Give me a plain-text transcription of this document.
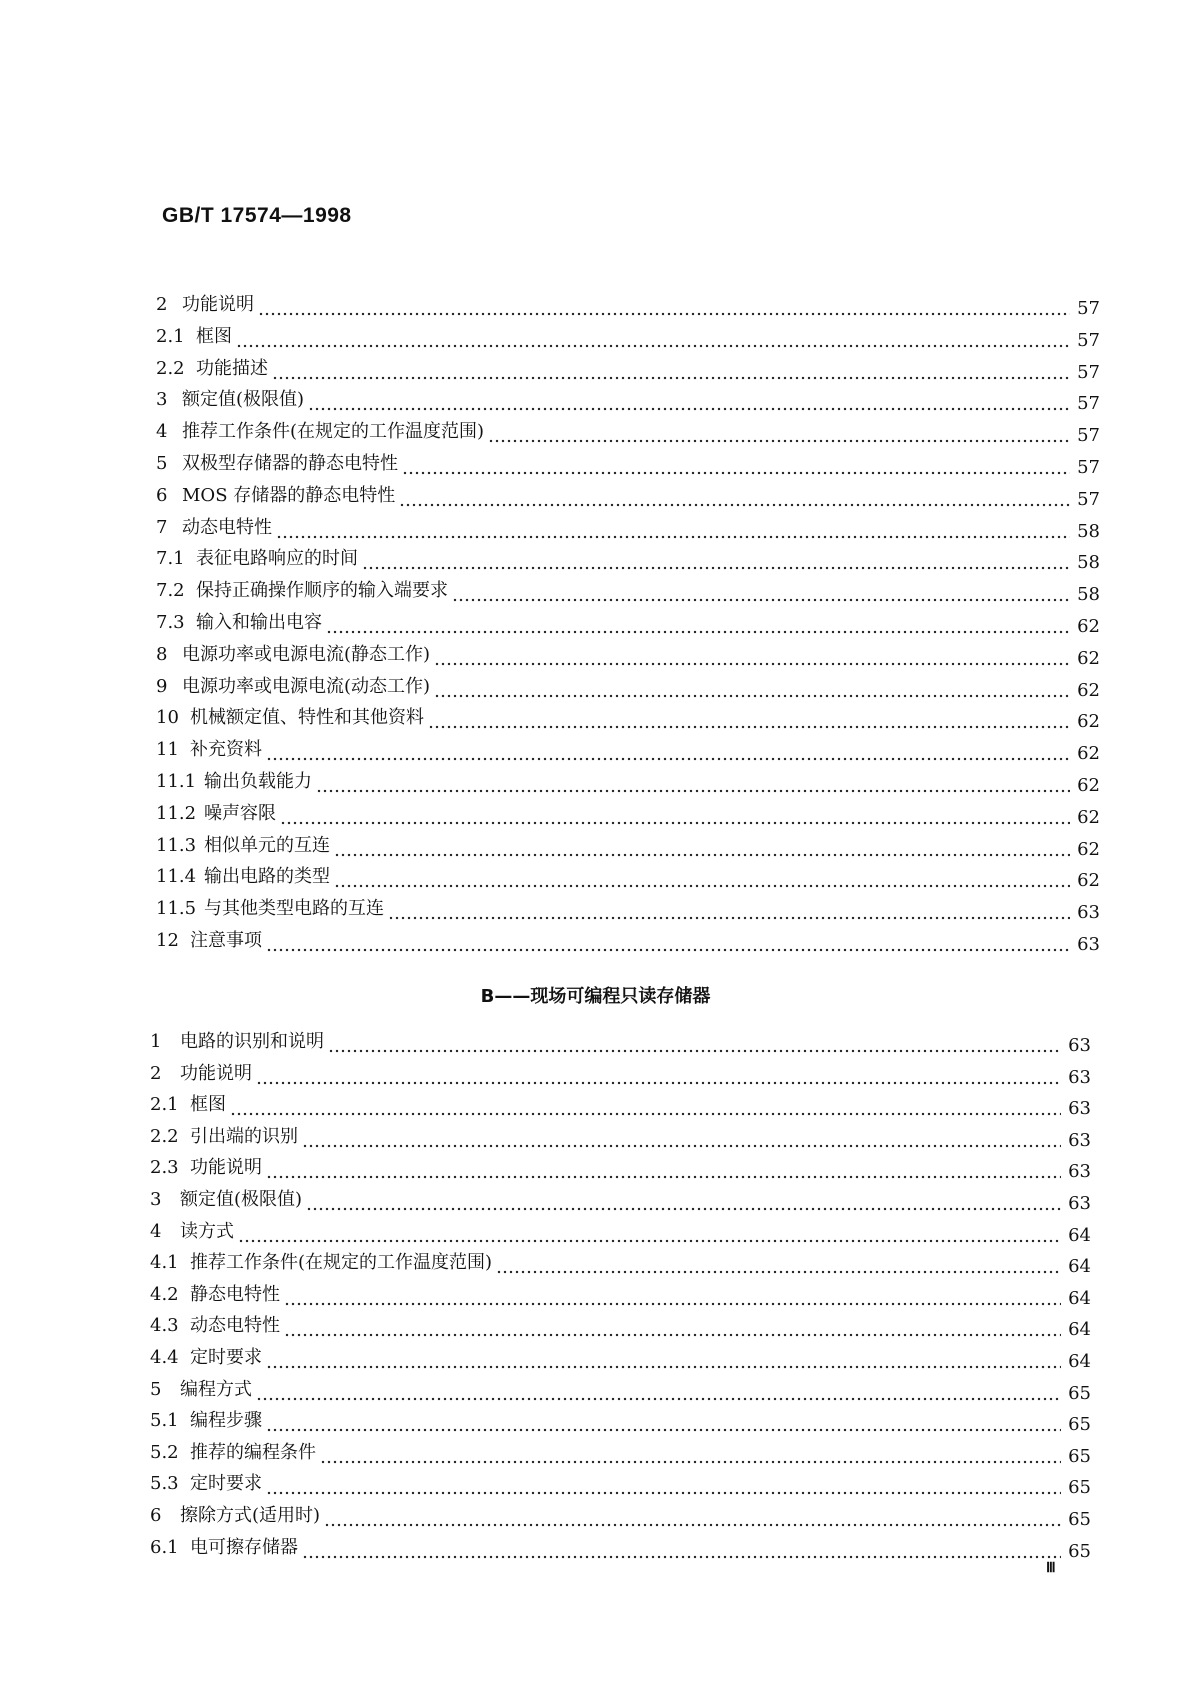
GB/T 17574—1998
2 功能说明	57
2.1 框图	57
2.2 功能描述	57
3 额定值(极限值)	57
4 推荐工作条件(在规定的工作温度范围)	57
5 双极型存储器的静态电特性	57
6 MOS 存储器的静态电特性	57
7 动态电特性	58
7.1 表征电路响应的时间	58
7.2 保持正确操作顺序的输入端要求	58
7.3 输入和输出电容	62
8 电源功率或电源电流(静态工作)	62
9 电源功率或电源电流(动态工作)	62
10 机械额定值、特性和其他资料	62
11 补充资料	62
11.1 输出负载能力	62
11.2 噪声容限	62
11.3 相似单元的互连	62
11.4 输出电路的类型	62
11.5 与其他类型电路的互连	63
12 注意事项	63
B——现场可编程只读存储器
1	电路的识别和说明	63
2	功能说明	63
2.1 框图	63
2.2 引出端的识别	63
2.3 功能说明	63
3	额定值(极限值)	63
4	读方式	64
4.1 推荐工作条件(在规定的工作温度范围)	64
4.2 静态电特性	64
4.3 动态电特性	64
4.4 定时要求	64
5	编程方式	65
5.1 编程步骤	65
5.2 推荐的编程条件	65
5.3 定时要求	65
6	擦除方式(适用时)	65
6.1 电可擦存储器	65
Ⅲ
